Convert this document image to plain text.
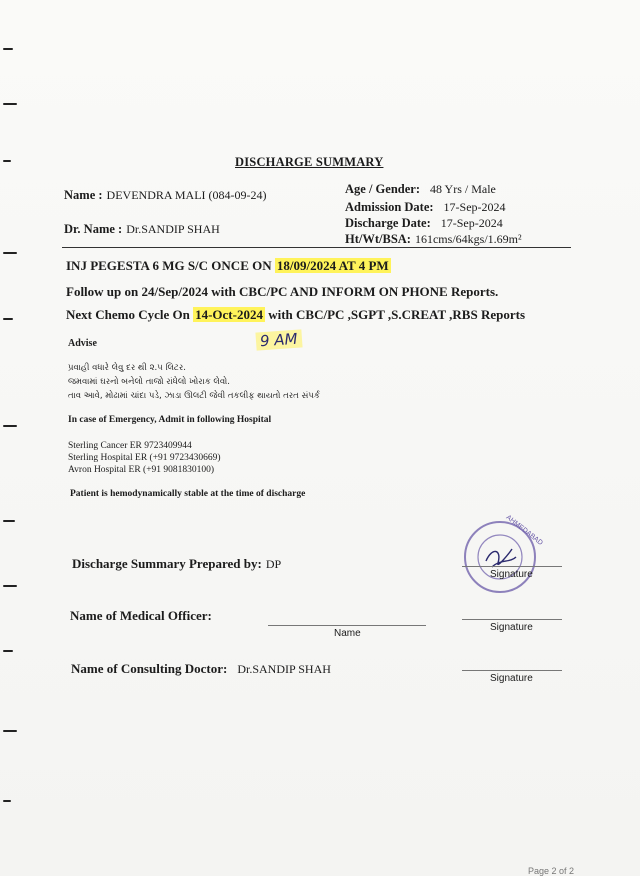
DISCHARGE SUMMARY
Name : DEVENDRA MALI (084-09-24)
Dr. Name : Dr.SANDIP SHAH
Age / Gender: 48 Yrs / Male
Admission Date: 17-Sep-2024
Discharge Date: 17-Sep-2024
Ht/Wt/BSA: 161cms/64kgs/1.69m²
INJ PEGESTA 6 MG S/C ONCE ON 18/09/2024 AT 4 PM
Follow up on 24/Sep/2024 with CBC/PC AND INFORM ON PHONE Reports.
Next Chemo Cycle On 14-Oct-2024 with CBC/PC ,SGPT ,S.CREAT ,RBS Reports
9 AM
Advise
પ્રવાહી વધારે લેવુ દર થી ૨.૫ લિટર.
જમવામાં ઘરનો બનેલો તાજો રાંધેલો ખોરાક લેવો.
તાવ આવે, મોઢામાં ચાંદા પડે, ઝાડા ઊલટી જેવી તકલીફ થાયતો તરત સંપર્ક
In case of Emergency, Admit in following Hospital
Sterling Cancer ER 9723409944
Sterling Hospital ER (+91 9723430669)
Avron Hospital ER (+91 9081830100)
Patient is hemodynamically stable at the time of discharge
Discharge Summary Prepared by: DP
AHMEDABAD
Signature
Name of Medical Officer:
Name
Signature
Name of Consulting Doctor: Dr.SANDIP SHAH
Signature
Page 2 of 2
